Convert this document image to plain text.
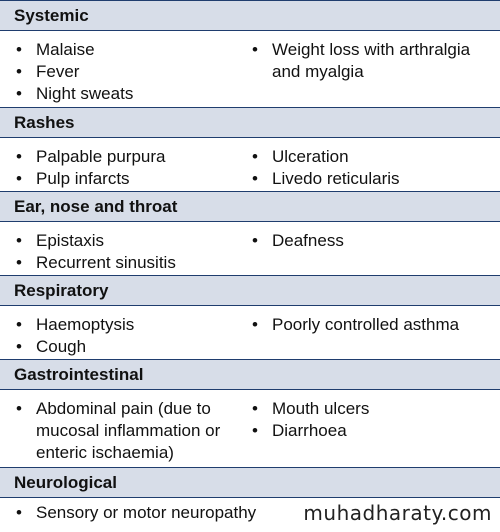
Systemic
• Malaise
• Fever
• Night sweats
• Weight loss with arthralgia and myalgia
Rashes
• Palpable purpura
• Pulp infarcts
• Ulceration
• Livedo reticularis
Ear, nose and throat
• Epistaxis
• Recurrent sinusitis
• Deafness
Respiratory
• Haemoptysis
• Cough
• Poorly controlled asthma
Gastrointestinal
• Abdominal pain (due to mucosal inflammation or enteric ischaemia)
• Mouth ulcers
• Diarrhoea
Neurological
• Sensory or motor neuropathy	muhadharaty.com
